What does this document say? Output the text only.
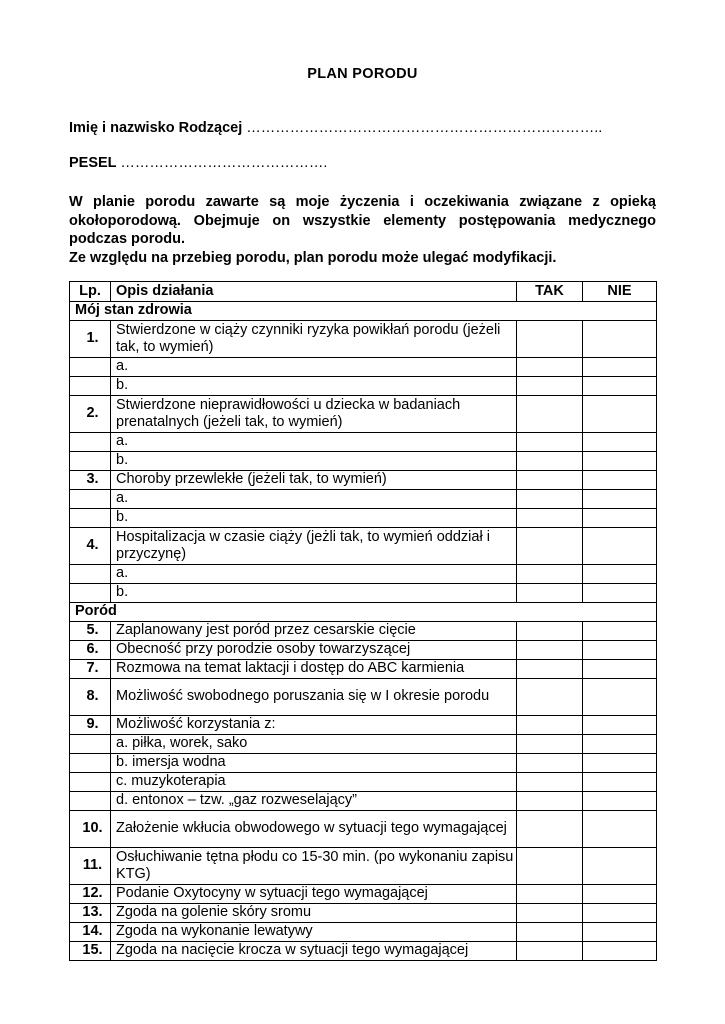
PLAN PORODU
Imię i nazwisko Rodzącej ………………………………………………………………..
PESEL …………………………………….

W planie porodu zawarte są moje życzenia i oczekiwania związane z opieką okołoporodową. Obejmuje on wszystkie elementy postępowania medycznego podczas porodu.

Ze względu na przebieg porodu, plan porodu może ulegać modyfikacji.

Lp.	Opis działania	TAK	NIE
Mój stan zdrowia			
1.	Stwierdzone w ciąży czynniki ryzyka powikłań porodu (jeżeli tak, to wymień)		
	a.		
	b.		
2.	Stwierdzone nieprawidłowości u dziecka w badaniach prenatalnych (jeżeli tak, to wymień)		
	a.		
	b.		
3.	Choroby przewlekłe (jeżeli tak, to wymień)		
	a.		
	b.		
4.	Hospitalizacja w czasie ciąży (jeżli tak, to wymień oddział i przyczynę)		
	a.		
	b.		
Poród			
5.	Zaplanowany jest poród przez cesarskie cięcie		
6.	Obecność przy porodzie osoby towarzyszącej		
7.	Rozmowa na temat laktacji i dostęp do ABC karmienia		
8.	Możliwość swobodnego poruszania się w I okresie porodu		
9.	Możliwość korzystania z:		
	a. piłka, worek, sako		
	b. imersja wodna		
	c. muzykoterapia		
	d. entonox – tzw. „gaz rozweselający”		
10.	Założenie wkłucia obwodowego w sytuacji tego wymagającej		
11.	Osłuchiwanie tętna płodu co 15-30 min. (po wykonaniu zapisu KTG)		
12.	Podanie Oxytocyny w sytuacji tego wymagającej		
13.	Zgoda na golenie skóry sromu		
14.	Zgoda na wykonanie lewatywy		
15.	Zgoda na nacięcie krocza w sytuacji tego wymagającej		
